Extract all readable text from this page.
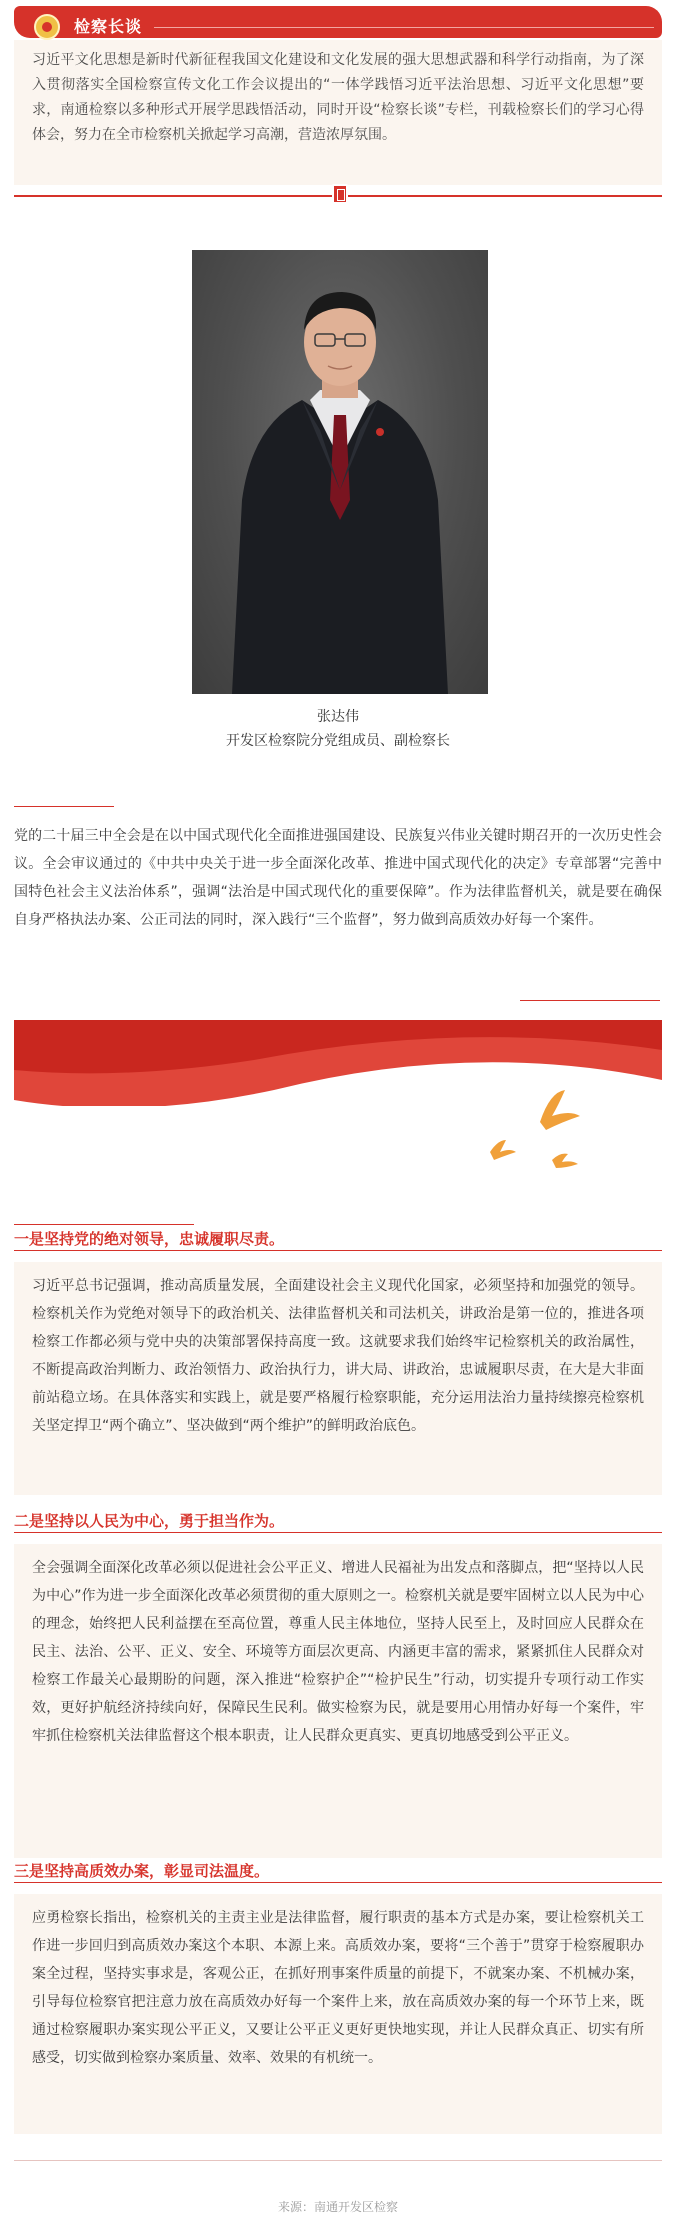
检察长谈
习近平文化思想是新时代新征程我国文化建设和文化发展的强大思想武器和科学行动指南，为了深入贯彻落实全国检察宣传文化工作会议提出的“一体学践悟习近平法治思想、习近平文化思想”要求，南通检察以多种形式开展学思践悟活动，同时开设“检察长谈”专栏，刊载检察长们的学习心得体会，努力在全市检察机关掀起学习高潮，营造浓厚氛围。
张达伟
开发区检察院分党组成员、副检察长
党的二十届三中全会是在以中国式现代化全面推进强国建设、民族复兴伟业关键时期召开的一次历史性会议。全会审议通过的《中共中央关于进一步全面深化改革、推进中国式现代化的决定》专章部署“完善中国特色社会主义法治体系”，强调“法治是中国式现代化的重要保障”。作为法律监督机关，就是要在确保自身严格执法办案、公正司法的同时，深入践行“三个监督”，努力做到高质效办好每一个案件。
一是坚持党的绝对领导，忠诚履职尽责。
习近平总书记强调，推动高质量发展，全面建设社会主义现代化国家，必须坚持和加强党的领导。检察机关作为党绝对领导下的政治机关、法律监督机关和司法机关，讲政治是第一位的，推进各项检察工作都必须与党中央的决策部署保持高度一致。这就要求我们始终牢记检察机关的政治属性，不断提高政治判断力、政治领悟力、政治执行力，讲大局、讲政治，忠诚履职尽责，在大是大非面前站稳立场。在具体落实和实践上，就是要严格履行检察职能，充分运用法治力量持续擦亮检察机关坚定捍卫“两个确立”、坚决做到“两个维护”的鲜明政治底色。
二是坚持以人民为中心，勇于担当作为。
全会强调全面深化改革必须以促进社会公平正义、增进人民福祉为出发点和落脚点，把“坚持以人民为中心”作为进一步全面深化改革必须贯彻的重大原则之一。检察机关就是要牢固树立以人民为中心的理念，始终把人民利益摆在至高位置，尊重人民主体地位，坚持人民至上，及时回应人民群众在民主、法治、公平、正义、安全、环境等方面层次更高、内涵更丰富的需求，紧紧抓住人民群众对检察工作最关心最期盼的问题，深入推进“检察护企”“检护民生”行动，切实提升专项行动工作实效，更好护航经济持续向好，保障民生民利。做实检察为民，就是要用心用情办好每一个案件，牢牢抓住检察机关法律监督这个根本职责，让人民群众更真实、更真切地感受到公平正义。
三是坚持高质效办案，彰显司法温度。
应勇检察长指出，检察机关的主责主业是法律监督，履行职责的基本方式是办案，要让检察机关工作进一步回归到高质效办案这个本职、本源上来。高质效办案，要将“三个善于”贯穿于检察履职办案全过程，坚持实事求是，客观公正，在抓好刑事案件质量的前提下，不就案办案、不机械办案，引导每位检察官把注意力放在高质效办好每一个案件上来，放在高质效办案的每一个环节上来，既通过检察履职办案实现公平正义，又要让公平正义更好更快地实现，并让人民群众真正、切实有所感受，切实做到检察办案质量、效率、效果的有机统一。
来源：南通开发区检察
